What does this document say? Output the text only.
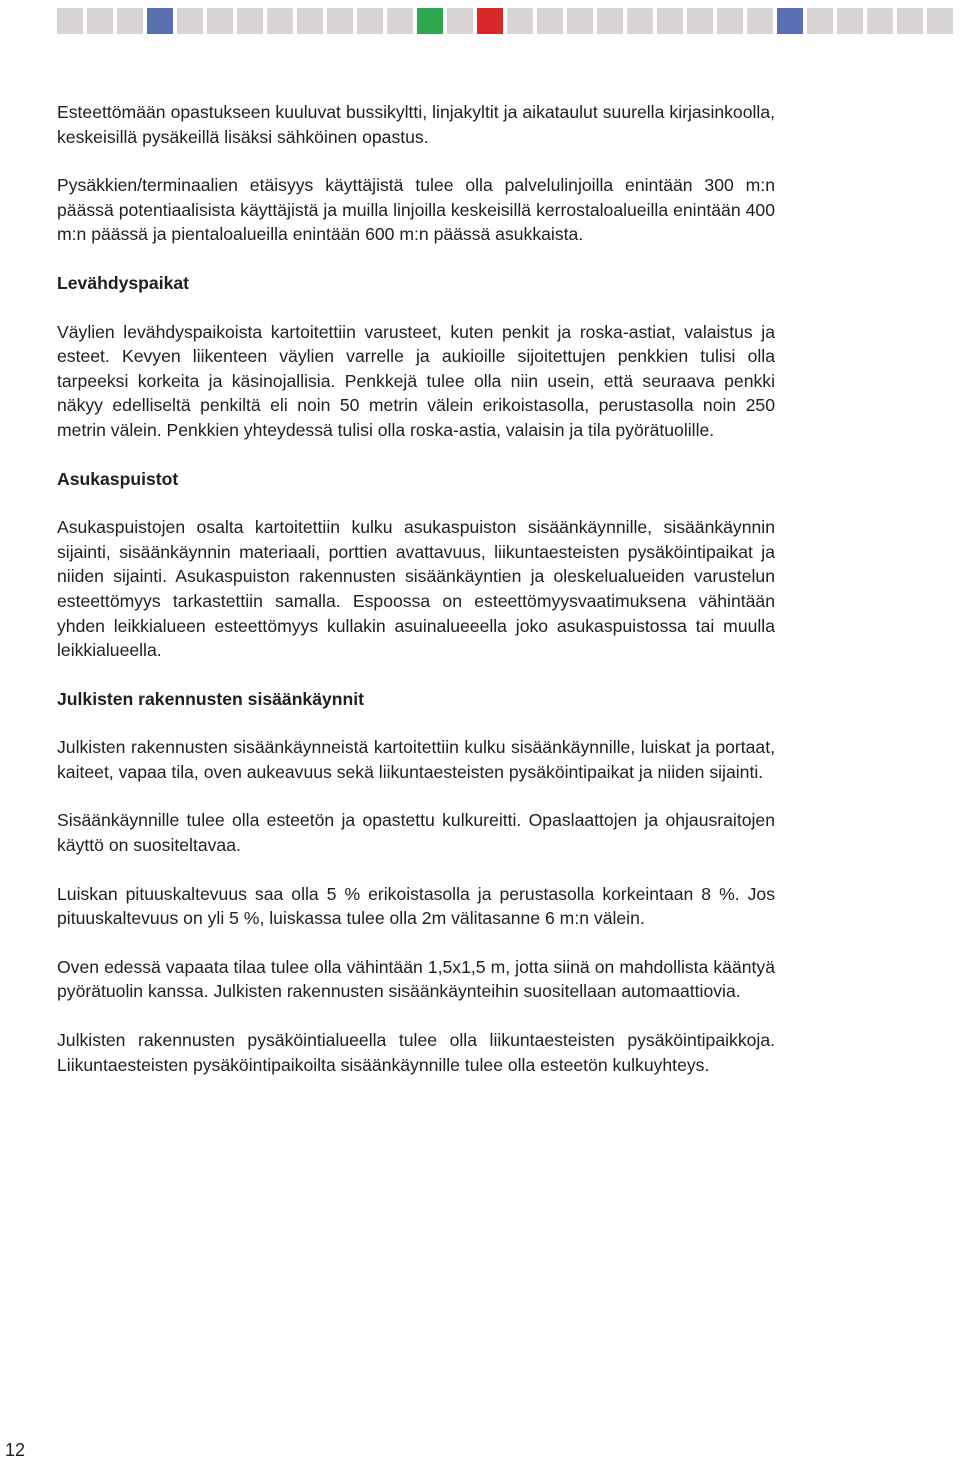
Esteettömään opastukseen kuuluvat bussikyltti, linjakyltit ja aikataulut suurella kirjasinkoolla, keskeisillä pysäkeillä lisäksi sähköinen opastus.

Pysäkkien/terminaalien etäisyys käyttäjistä tulee olla palvelulinjoilla enintään 300 m:n päässä potentiaalisista käyttäjistä ja muilla linjoilla keskeisillä kerrostaloalueilla enintään 400 m:n päässä ja pientaloalueilla enintään 600 m:n päässä asukkaista.

Levähdyspaikat

Väylien levähdyspaikoista kartoitettiin varusteet, kuten penkit ja roska-astiat, valaistus ja esteet. Kevyen liikenteen väylien varrelle ja aukioille sijoitettujen penkkien tulisi olla tarpeeksi korkeita ja käsinojallisia. Penkkejä tulee olla niin usein, että seuraava penkki näkyy edelliseltä penkiltä eli noin 50 metrin välein erikoistasolla, perustasolla noin 250 metrin välein. Penkkien yhteydessä tulisi olla roska-astia, valaisin ja tila pyörätuolille.

Asukaspuistot

Asukaspuistojen osalta kartoitettiin kulku asukaspuiston sisäänkäynnille, sisäänkäynnin sijainti, sisäänkäynnin materiaali, porttien avattavuus, liikuntaesteisten pysäköintipaikat ja niiden sijainti. Asukaspuiston rakennusten sisäänkäyntien ja oleskelualueiden varustelun esteettömyys tarkastettiin samalla. Espoossa on esteettömyysvaatimuksena vähintään yhden leikkialueen esteettömyys kullakin asuinalueeella joko asukaspuistossa tai muulla leikkialueella.

Julkisten rakennusten sisäänkäynnit

Julkisten rakennusten sisäänkäynneistä kartoitettiin kulku sisäänkäynnille, luiskat ja portaat, kaiteet, vapaa tila, oven aukeavuus sekä liikuntaesteisten pysäköintipaikat ja niiden sijainti.

Sisäänkäynnille tulee olla esteetön ja opastettu kulkureitti. Opaslaattojen ja ohjausraitojen käyttö on suositeltavaa.

Luiskan pituuskaltevuus saa olla 5 % erikoistasolla ja perustasolla korkeintaan 8 %. Jos pituuskaltevuus on yli 5 %, luiskassa tulee olla 2m välitasanne 6 m:n välein.

Oven edessä vapaata tilaa tulee olla vähintään 1,5x1,5 m, jotta siinä on mahdollista kääntyä pyörätuolin kanssa. Julkisten rakennusten sisäänkäynteihin suositellaan automaattiovia.

Julkisten rakennusten pysäköintialueella tulee olla liikuntaesteisten pysäköintipaikkoja. Liikuntaesteisten pysäköintipaikoilta sisäänkäynnille tulee olla esteetön kulkuyhteys.

12
